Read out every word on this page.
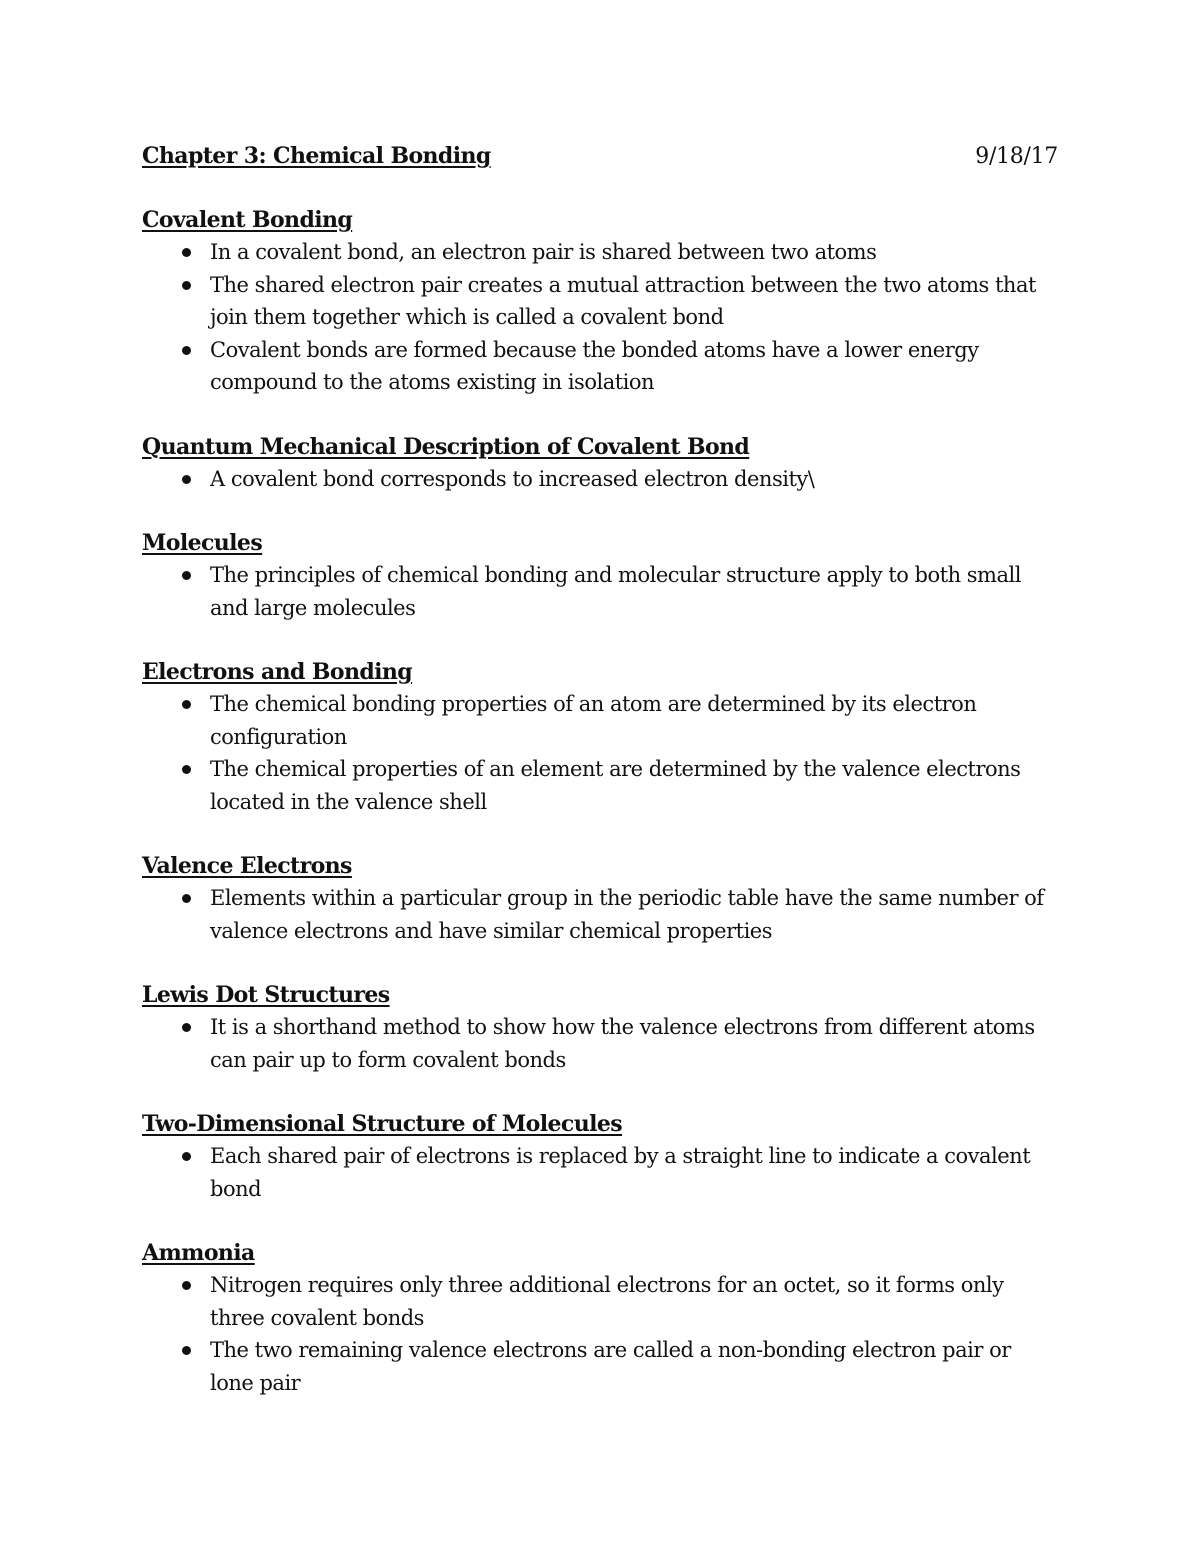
Chapter 3: Chemical Bonding	9/18/17
Covalent Bonding
In a covalent bond, an electron pair is shared between two atoms
The shared electron pair creates a mutual attraction between the two atoms that join them together which is called a covalent bond
Covalent bonds are formed because the bonded atoms have a lower energy compound to the atoms existing in isolation
Quantum Mechanical Description of Covalent Bond
A covalent bond corresponds to increased electron density\
Molecules
The principles of chemical bonding and molecular structure apply to both small and large molecules
Electrons and Bonding
The chemical bonding properties of an atom are determined by its electron configuration
The chemical properties of an element are determined by the valence electrons located in the valence shell
Valence Electrons
Elements within a particular group in the periodic table have the same number of valence electrons and have similar chemical properties
Lewis Dot Structures
It is a shorthand method to show how the valence electrons from different atoms can pair up to form covalent bonds
Two-Dimensional Structure of Molecules
Each shared pair of electrons is replaced by a straight line to indicate a covalent bond
Ammonia
Nitrogen requires only three additional electrons for an octet, so it forms only three covalent bonds
The two remaining valence electrons are called a non-bonding electron pair or lone pair
